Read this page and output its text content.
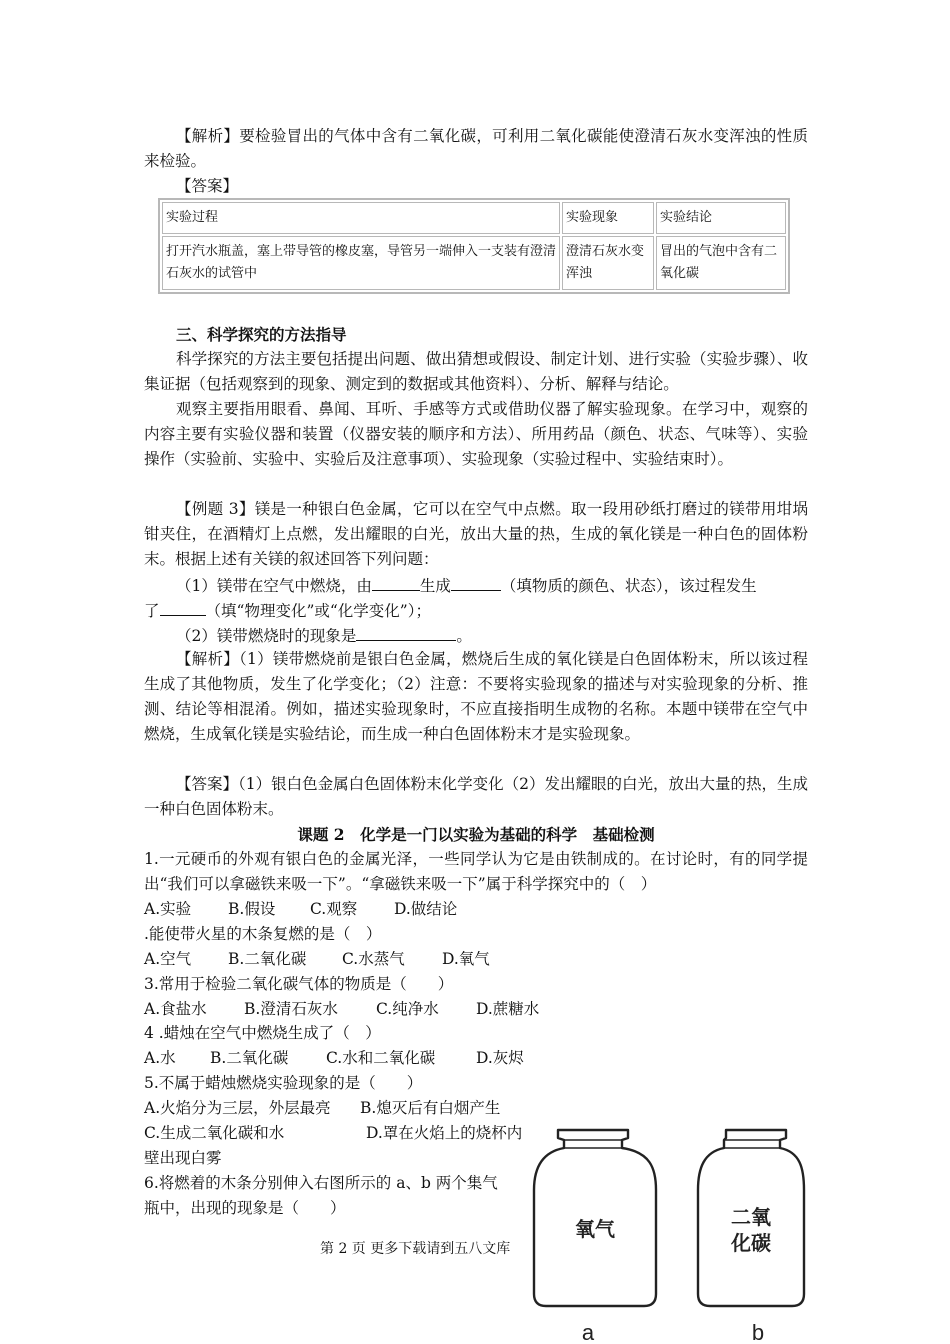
【解析】要检验冒出的气体中含有二氧化碳，可利用二氧化碳能使澄清石灰水变浑浊的性质来检验。
【答案】
实验过程	实验现象	实验结论
打开汽水瓶盖，塞上带导管的橡皮塞，导管另一端伸入一支装有澄清石灰水的试管中	澄清石灰水变浑浊	冒出的气泡中含有二氧化碳
三、科学探究的方法指导
科学探究的方法主要包括提出问题、做出猜想或假设、制定计划、进行实验（实验步骤）、收集证据（包括观察到的现象、测定到的数据或其他资料）、分析、解释与结论。
观察主要指用眼看、鼻闻、耳听、手感等方式或借助仪器了解实验现象。在学习中，观察的内容主要有实验仪器和装置（仪器安装的顺序和方法）、所用药品（颜色、状态、气味等）、实验操作（实验前、实验中、实验后及注意事项）、实验现象（实验过程中、实验结束时）。
【例题 3】镁是一种银白色金属，它可以在空气中点燃。取一段用砂纸打磨过的镁带用坩埚钳夹住，在酒精灯上点燃，发出耀眼的白光，放出大量的热，生成的氧化镁是一种白色的固体粉末。根据上述有关镁的叙述回答下列问题：
（1）镁带在空气中燃烧，由	生成	（填物质的颜色、状态），该过程发生
了	（填“物理变化”或“化学变化”）；
（2）镁带燃烧时的现象是	。
【解析】（1）镁带燃烧前是银白色金属，燃烧后生成的氧化镁是白色固体粉末，所以该过程生成了其他物质，发生了化学变化；（2）注意：不要将实验现象的描述与对实验现象的分析、推测、结论等相混淆。例如，描述实验现象时，不应直接指明生成物的名称。本题中镁带在空气中燃烧，生成氧化镁是实验结论，而生成一种白色固体粉末才是实验现象。
【答案】（1）银白色金属白色固体粉末化学变化（2）发出耀眼的白光，放出大量的热，生成一种白色固体粉末。
课题 2　化学是一门以实验为基础的科学　基础检测
1.一元硬币的外观有银白色的金属光泽，一些同学认为它是由铁制成的。在讨论时，有的同学提出“我们可以拿磁铁来吸一下”。“拿磁铁来吸一下”属于科学探究中的（　）
A.实验 B.假设 C.观察 D.做结论
.能使带火星的木条复燃的是（　）
A.空气 B.二氧化碳 C.水蒸气 D.氧气
3.常用于检验二氧化碳气体的物质是（　　）
A.食盐水 B.澄清石灰水 C.纯净水 D.蔗糖水
4 .蜡烛在空气中燃烧生成了（　）
A.水 B.二氧化碳 C.水和二氧化碳	D.灰烬
5.不属于蜡烛燃烧实验现象的是（　　）
A.火焰分为三层，外层最亮 B.熄灭后有白烟产生
C.生成二氧化碳和水	D.罩在火焰上的烧杯内
壁出现白雾
6.将燃着的木条分别伸入右图所示的 a、b 两个集气
瓶中，出现的现象是（　　）
氧气
a
二氧
化碳
b
第 2 页 更多下载请到五八文库
